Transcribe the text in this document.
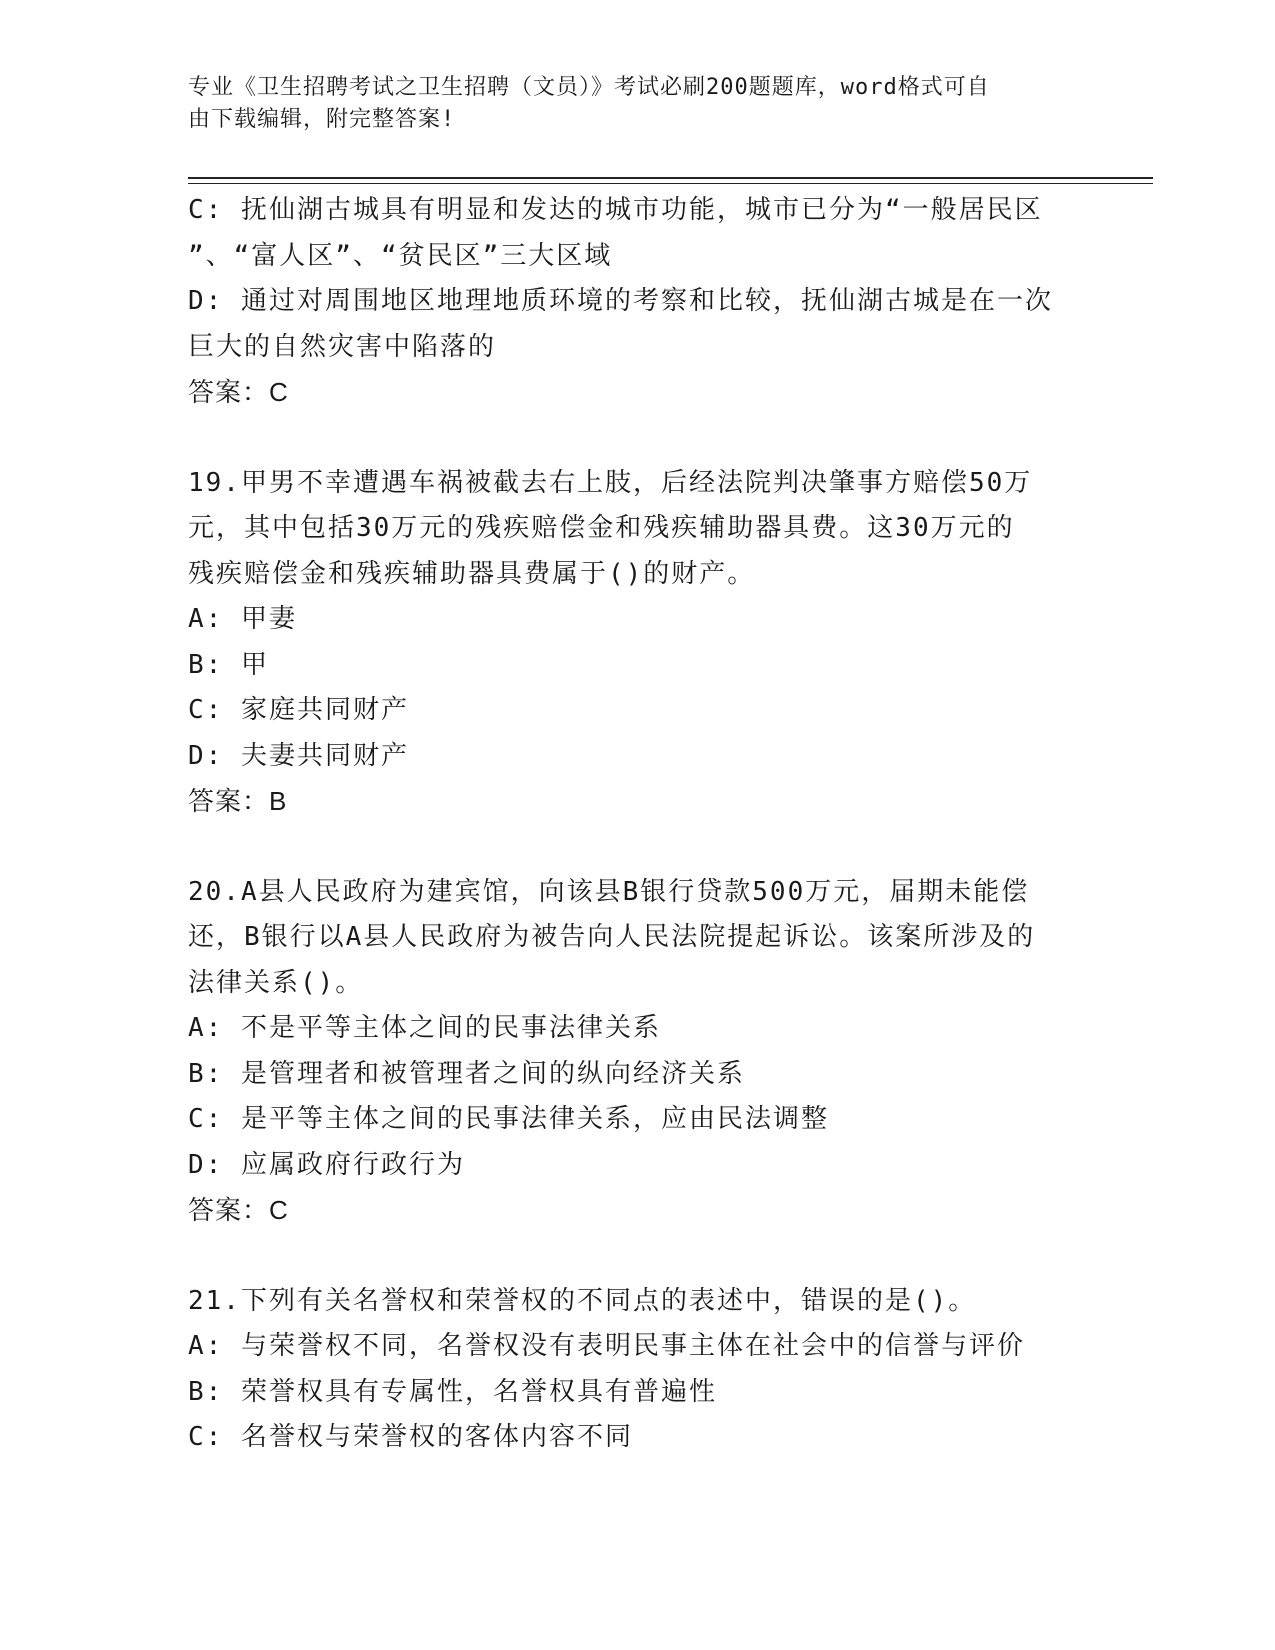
专业《卫生招聘考试之卫生招聘（文员）》考试必刷200题题库，word格式可自
由下载编辑，附完整答案!
C: 抚仙湖古城具有明显和发达的城市功能，城市已分为“一般居民区
”、“富人区”、“贫民区”三大区域
D: 通过对周围地区地理地质环境的考察和比较，抚仙湖古城是在一次
巨大的自然灾害中陷落的
答案：C
19.甲男不幸遭遇车祸被截去右上肢，后经法院判决肇事方赔偿50万
元，其中包括30万元的残疾赔偿金和残疾辅助器具费。这30万元的
残疾赔偿金和残疾辅助器具费属于()的财产。
A: 甲妻
B: 甲
C: 家庭共同财产
D: 夫妻共同财产
答案：B
20.A县人民政府为建宾馆，向该县B银行贷款500万元，届期未能偿
还，B银行以A县人民政府为被告向人民法院提起诉讼。该案所涉及的
法律关系()。
A: 不是平等主体之间的民事法律关系
B: 是管理者和被管理者之间的纵向经济关系
C: 是平等主体之间的民事法律关系，应由民法调整
D: 应属政府行政行为
答案：C
21.下列有关名誉权和荣誉权的不同点的表述中，错误的是()。
A: 与荣誉权不同，名誉权没有表明民事主体在社会中的信誉与评价
B: 荣誉权具有专属性，名誉权具有普遍性
C: 名誉权与荣誉权的客体内容不同
